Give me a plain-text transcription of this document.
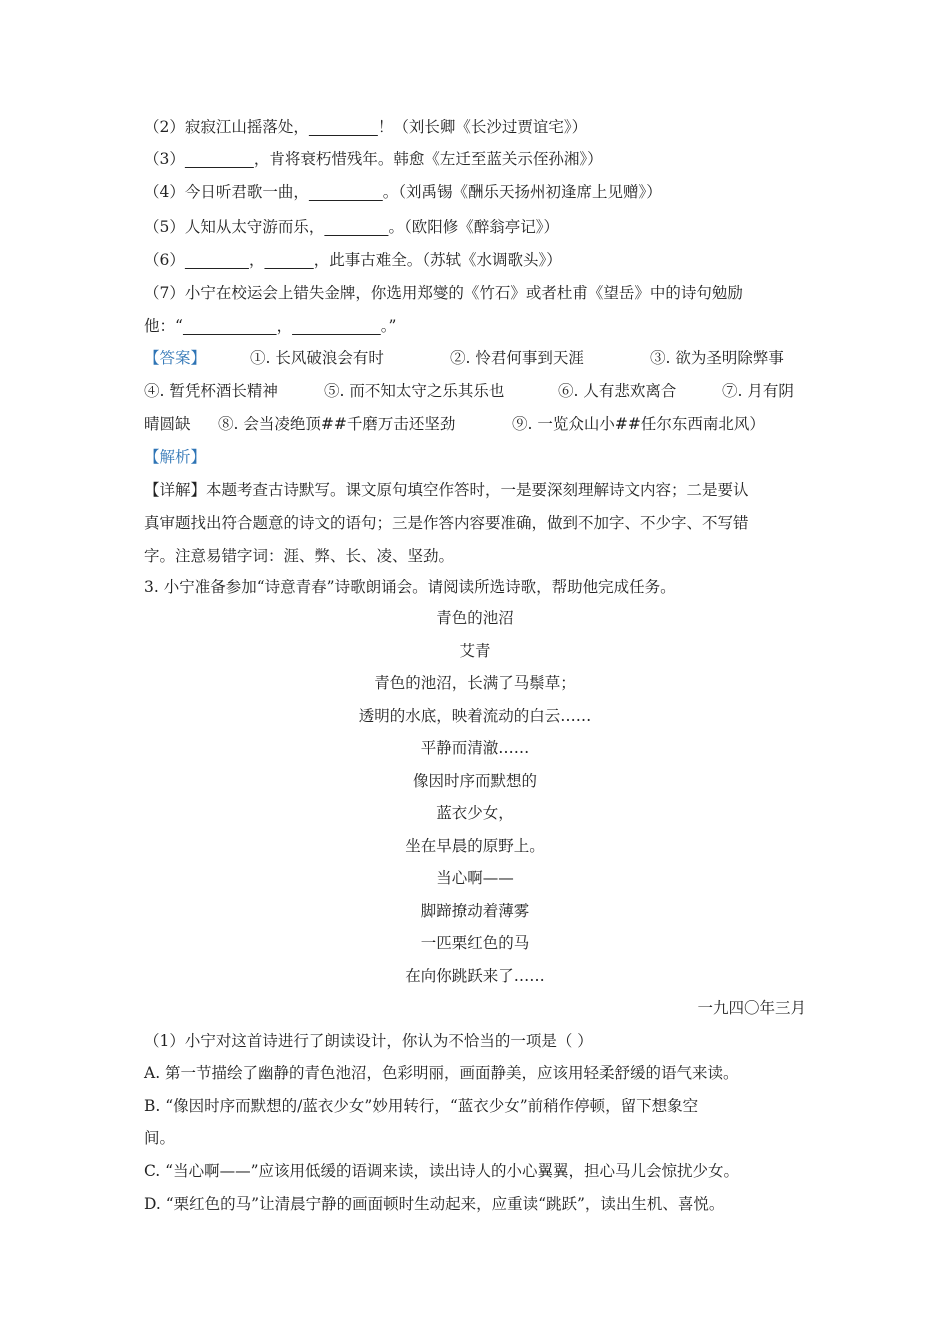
（2）寂寂江山摇落处，	！（刘长卿《长沙过贾谊宅》）
（3）	，肯将衰朽惜残年。韩愈《左迁至蓝关示侄孙湘》）
（4）今日听君歌一曲，	。（刘禹锡《酬乐天扬州初逢席上见赠》）
（5）人知从太守游而乐，	。（欧阳修《醉翁亭记》）
（6）	，	，此事古难全。（苏轼《水调歌头》）
（7）小宁在校运会上错失金牌，你选用郑燮的《竹石》或者杜甫《望岳》中的诗句勉励
他：“	，	。”
【答案】	①. 长风破浪会有时	②. 怜君何事到天涯	③. 欲为圣明除弊事
④. 暂凭杯酒长精神	⑤. 而不知太守之乐其乐也	⑥. 人有悲欢离合	⑦. 月有阴
晴圆缺 ⑧. 会当凌绝顶##千磨万击还坚劲	⑨. 一览众山小##任尔东西南北风）
【解析】
【详解】本题考查古诗默写。课文原句填空作答时，一是要深刻理解诗文内容；二是要认
真审题找出符合题意的诗文的语句；三是作答内容要准确，做到不加字、不少字、不写错
字。注意易错字词：涯、弊、长、凌、坚劲。
3. 小宁准备参加“诗意青春”诗歌朗诵会。请阅读所选诗歌，帮助他完成任务。
青色的池沼
艾青
青色的池沼，长满了马鬃草；
透明的水底，映着流动的白云……
平静而清澈……
像因时序而默想的
蓝衣少女，
坐在早晨的原野上。
当心啊——
脚蹄撩动着薄雾
一匹栗红色的马
在向你跳跃来了……
一九四〇年三月
（1）小宁对这首诗进行了朗读设计，你认为不恰当的一项是（ ）
A. 第一节描绘了幽静的青色池沼，色彩明丽，画面静美，应该用轻柔舒缓的语气来读。
B. “像因时序而默想的/蓝衣少女”妙用转行，“蓝衣少女”前稍作停顿，留下想象空
间。
C. “当心啊——”应该用低缓的语调来读，读出诗人的小心翼翼，担心马儿会惊扰少女。
D. “栗红色的马”让清晨宁静的画面顿时生动起来，应重读“跳跃”，读出生机、喜悦。
